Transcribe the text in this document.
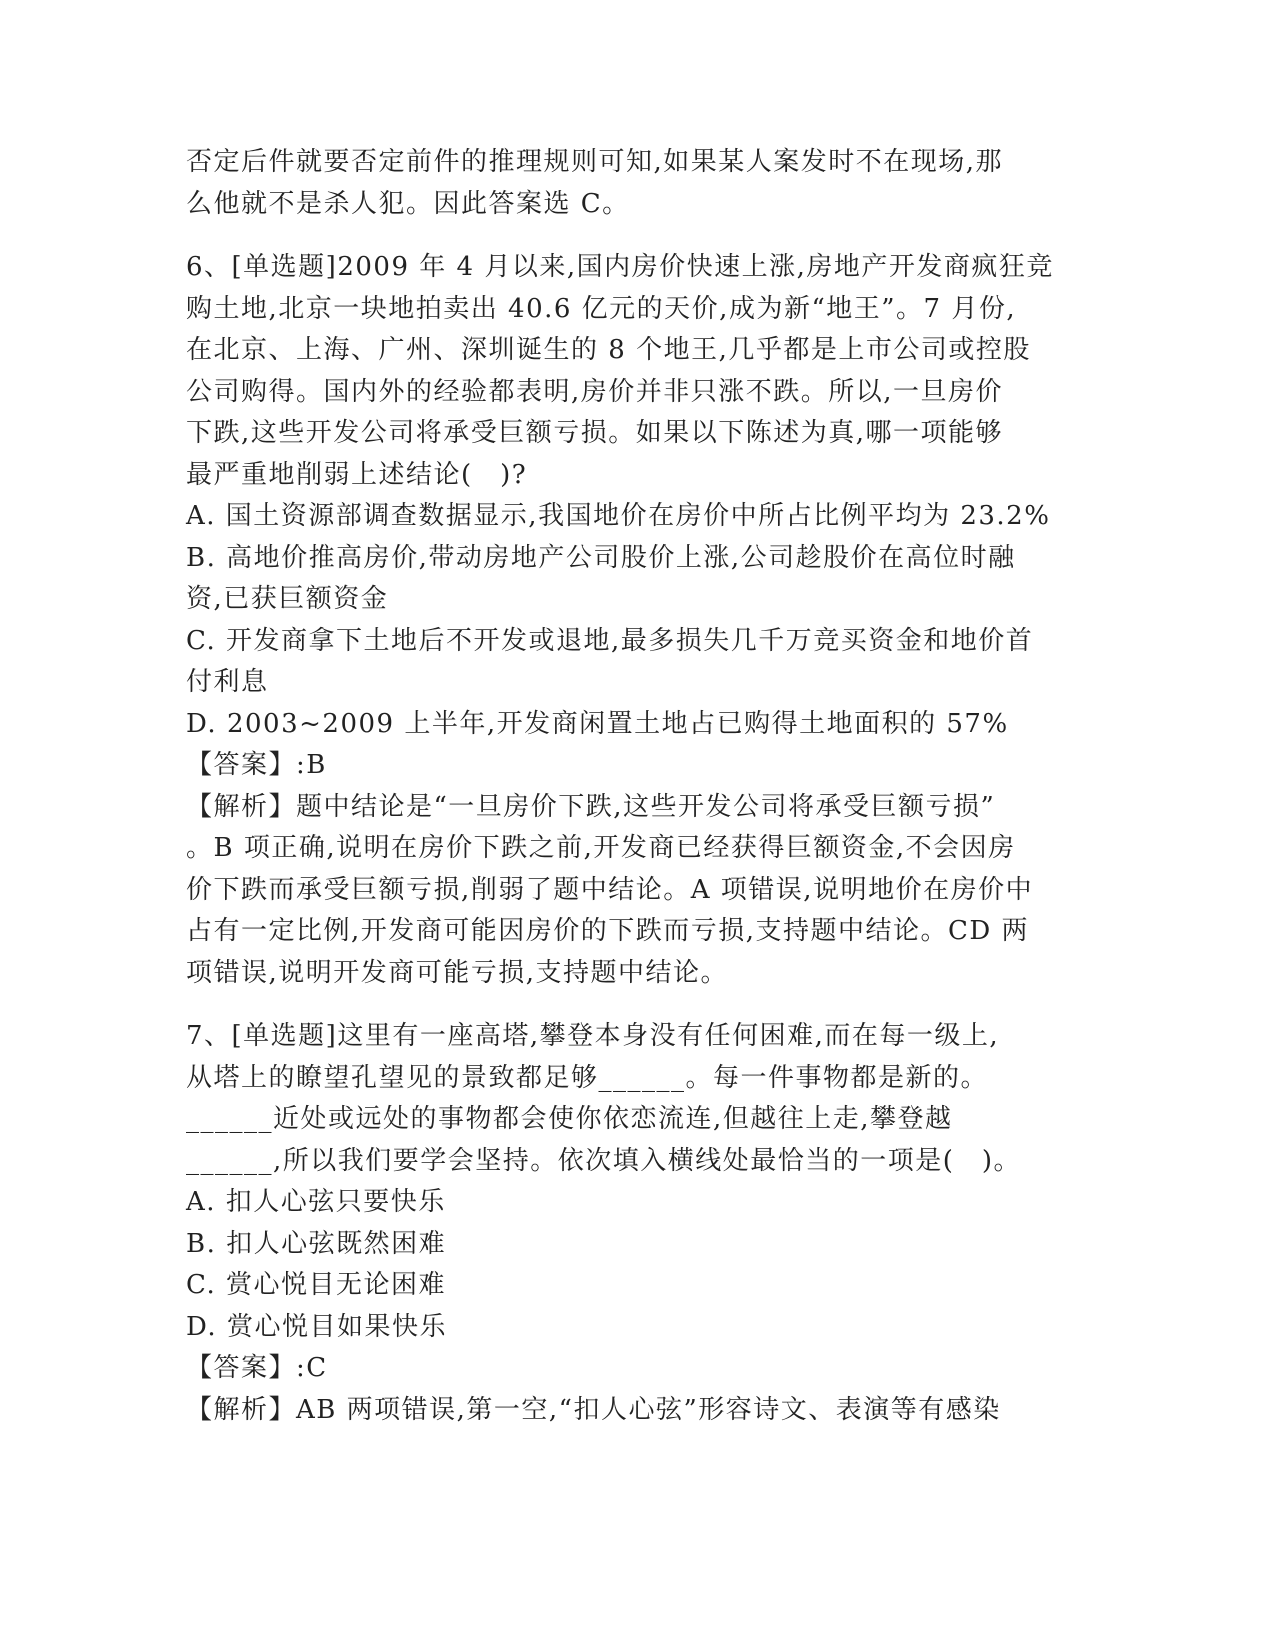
否定后件就要否定前件的推理规则可知,如果某人案发时不在现场,那
么他就不是杀人犯。因此答案选 C。
6、[单选题]2009 年 4 月以来,国内房价快速上涨,房地产开发商疯狂竞
购土地,北京一块地拍卖出 40.6 亿元的天价,成为新“地王”。7 月份,
在北京、上海、广州、深圳诞生的 8 个地王,几乎都是上市公司或控股
公司购得。国内外的经验都表明,房价并非只涨不跌。所以,一旦房价
下跌,这些开发公司将承受巨额亏损。如果以下陈述为真,哪一项能够
最严重地削弱上述结论(　)?
A. 国土资源部调查数据显示,我国地价在房价中所占比例平均为 23.2%
B. 高地价推高房价,带动房地产公司股价上涨,公司趁股价在高位时融
资,已获巨额资金
C. 开发商拿下土地后不开发或退地,最多损失几千万竞买资金和地价首
付利息
D. 2003~2009 上半年,开发商闲置土地占已购得土地面积的 57%
【答案】:B
【解析】题中结论是“一旦房价下跌,这些开发公司将承受巨额亏损”
。B 项正确,说明在房价下跌之前,开发商已经获得巨额资金,不会因房
价下跌而承受巨额亏损,削弱了题中结论。A 项错误,说明地价在房价中
占有一定比例,开发商可能因房价的下跌而亏损,支持题中结论。CD 两
项错误,说明开发商可能亏损,支持题中结论。
7、[单选题]这里有一座高塔,攀登本身没有任何困难,而在每一级上,
从塔上的瞭望孔望见的景致都足够______。每一件事物都是新的。
______近处或远处的事物都会使你依恋流连,但越往上走,攀登越
______,所以我们要学会坚持。依次填入横线处最恰当的一项是(　)。
A. 扣人心弦只要快乐
B. 扣人心弦既然困难
C. 赏心悦目无论困难
D. 赏心悦目如果快乐
【答案】:C
【解析】AB 两项错误,第一空,“扣人心弦”形容诗文、表演等有感染
